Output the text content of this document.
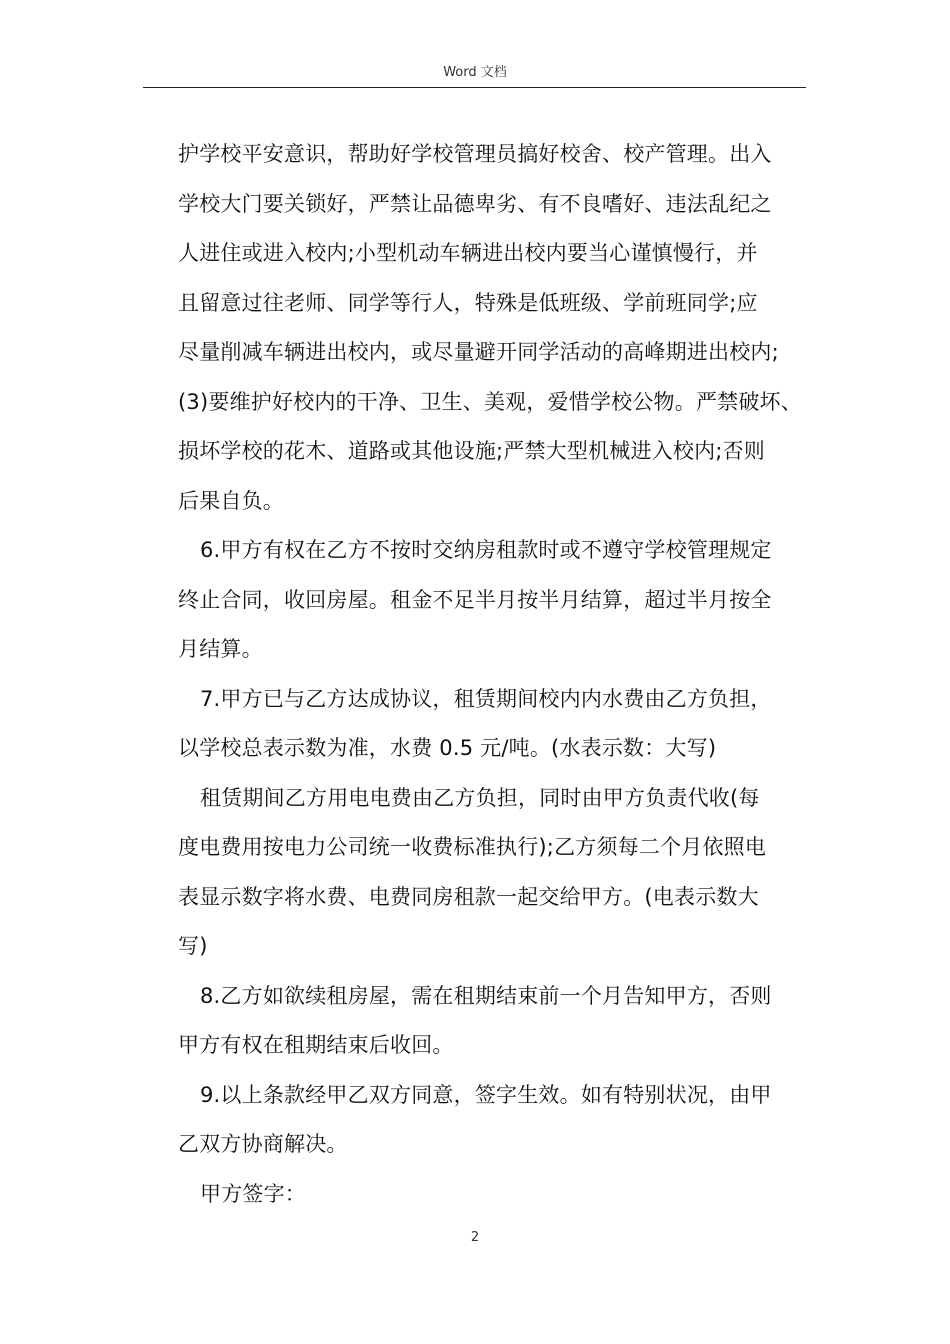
Word 文档
护学校平安意识，帮助好学校管理员搞好校舍、校产管理。出入
学校大门要关锁好，严禁让品德卑劣、有不良嗜好、违法乱纪之
人进住或进入校内;小型机动车辆进出校内要当心谨慎慢行，并
且留意过往老师、同学等行人，特殊是低班级、学前班同学;应
尽量削减车辆进出校内，或尽量避开同学活动的高峰期进出校内;
(3)要维护好校内的干净、卫生、美观，爱惜学校公物。严禁破坏、
损坏学校的花木、道路或其他设施;严禁大型机械进入校内;否则
后果自负。
6.甲方有权在乙方不按时交纳房租款时或不遵守学校管理规定
终止合同，收回房屋。租金不足半月按半月结算，超过半月按全
月结算。
7.甲方已与乙方达成协议，租赁期间校内内水费由乙方负担，
以学校总表示数为准，水费 0.5 元/吨。(水表示数：大写)
租赁期间乙方用电电费由乙方负担，同时由甲方负责代收(每
度电费用按电力公司统一收费标准执行);乙方须每二个月依照电
表显示数字将水费、电费同房租款一起交给甲方。(电表示数大
写)
8.乙方如欲续租房屋，需在租期结束前一个月告知甲方，否则
甲方有权在租期结束后收回。
9.以上条款经甲乙双方同意，签字生效。如有特别状况，由甲
乙双方协商解决。
甲方签字：
2
